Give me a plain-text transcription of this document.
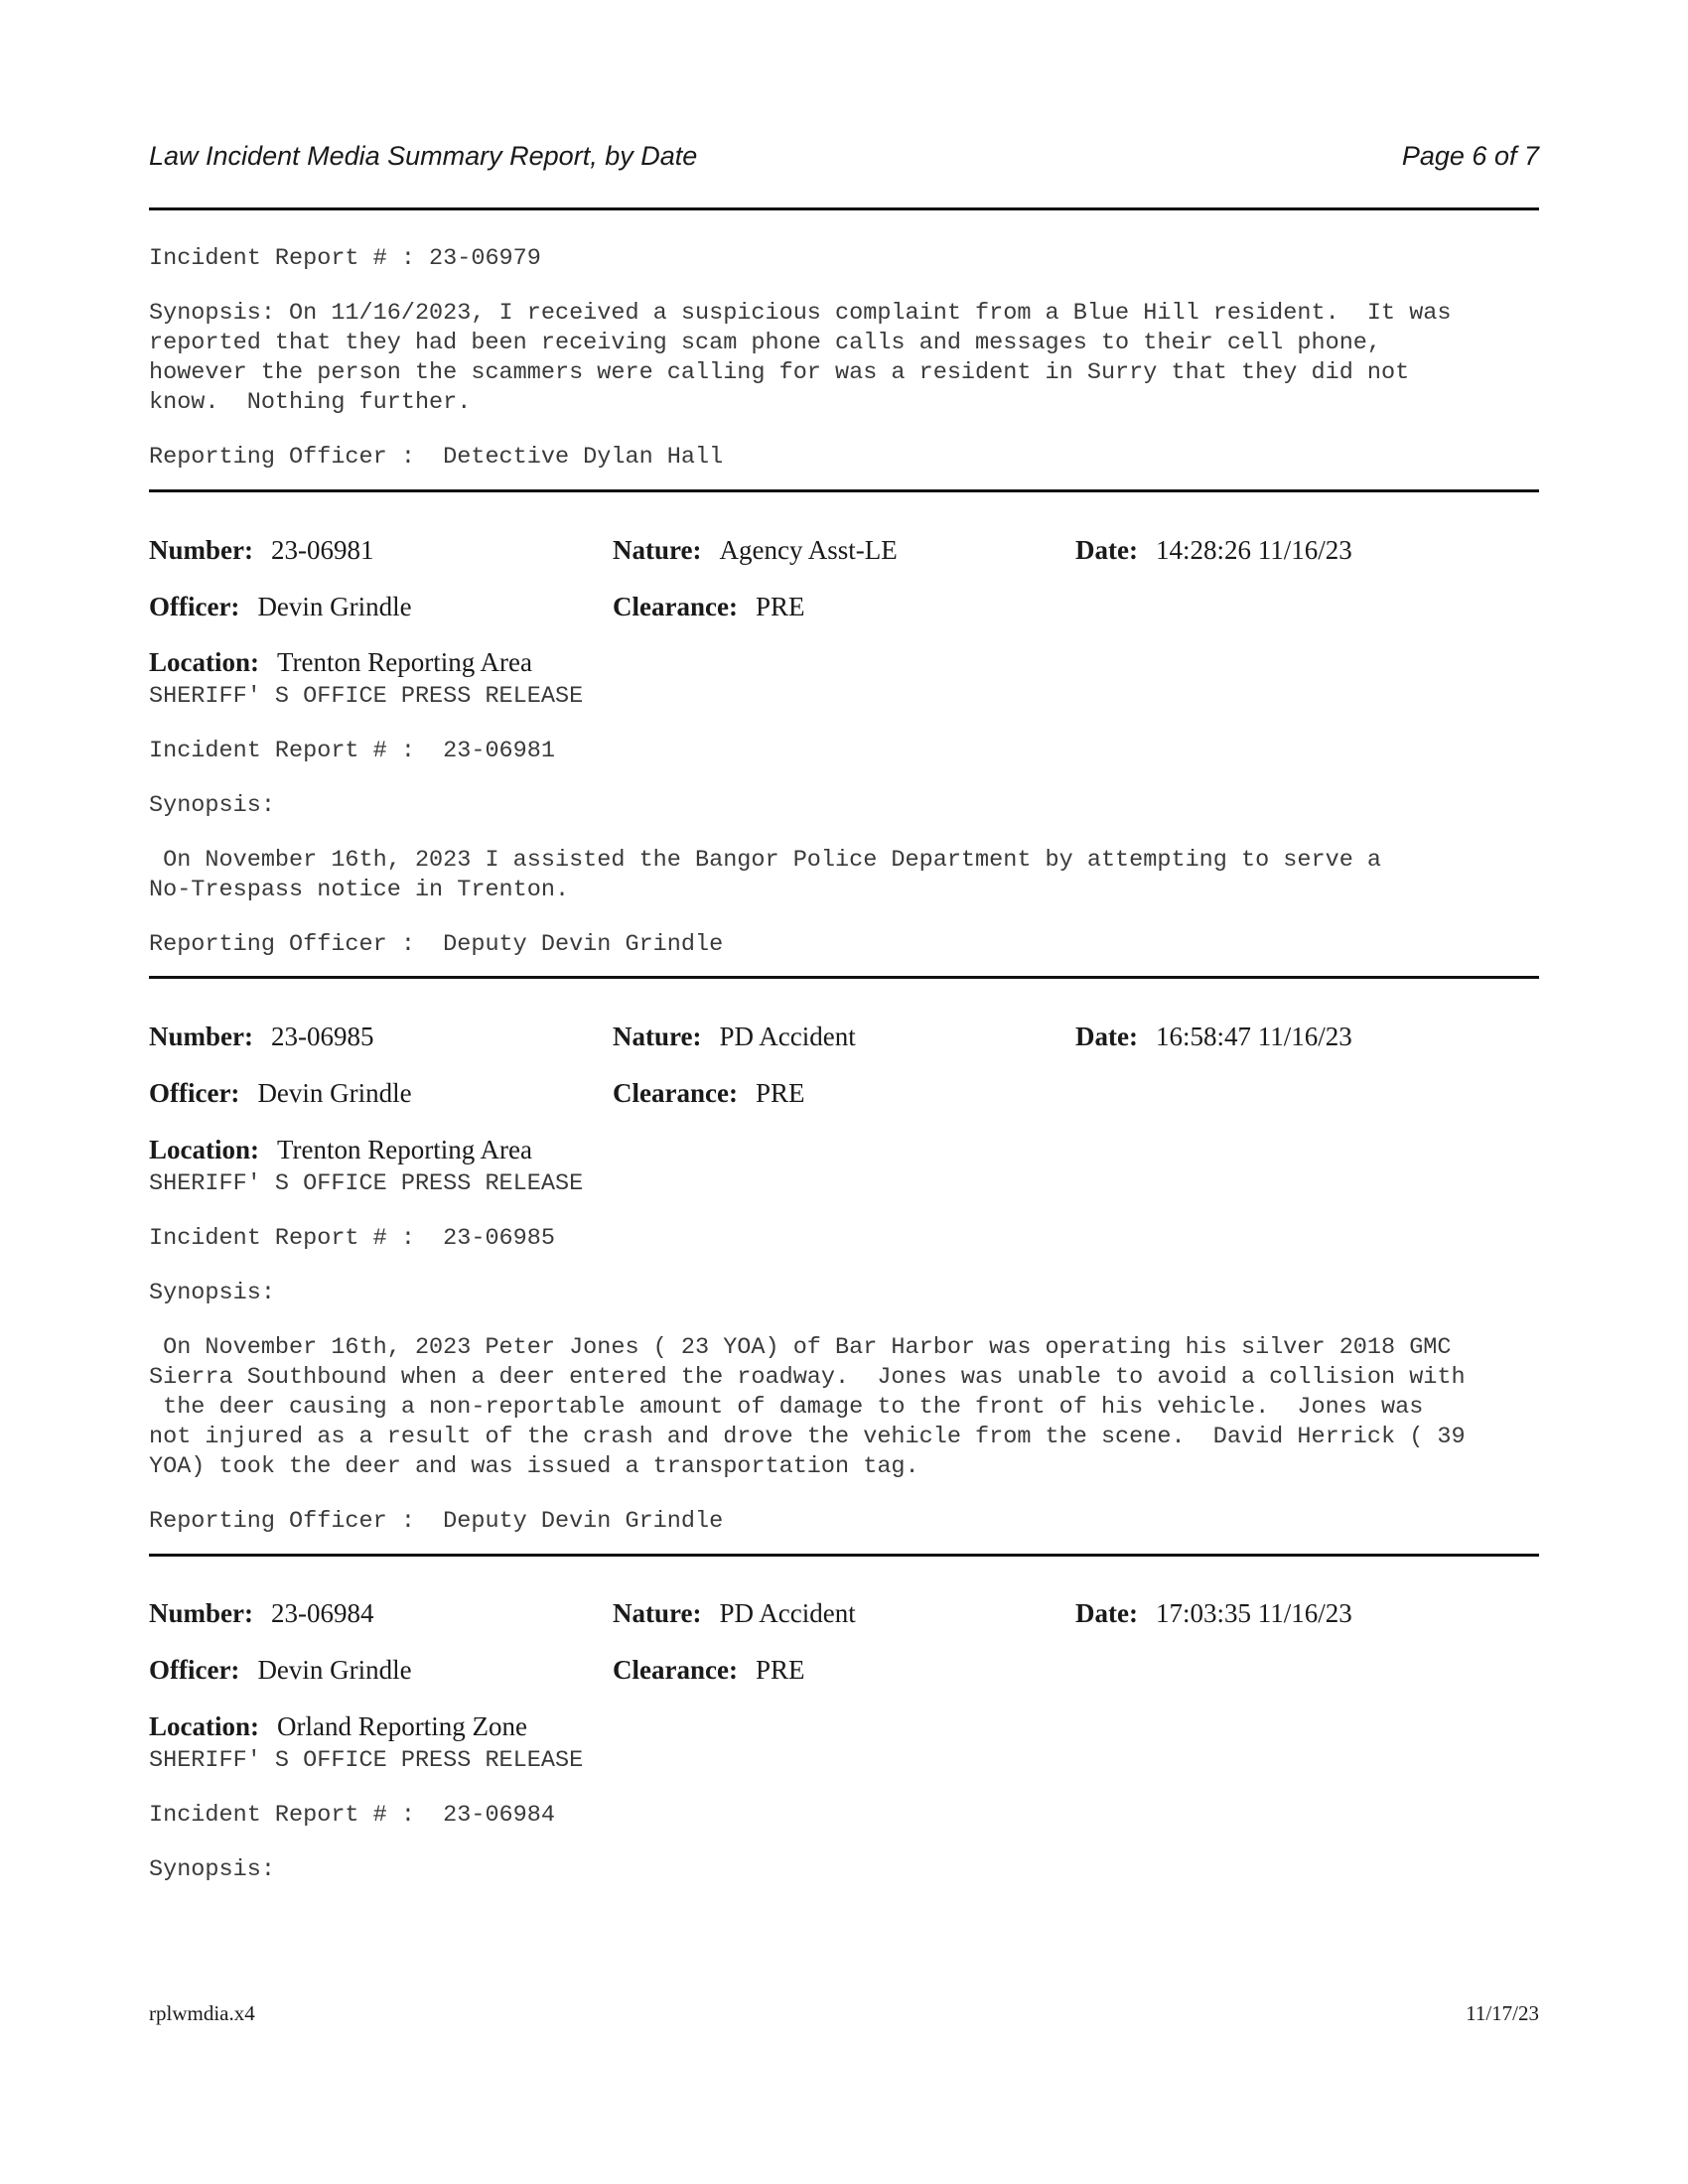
Law Incident Media Summary Report, by Date	Page 6 of 7
Incident Report # : 23-06979
Synopsis: On 11/16/2023, I received a suspicious complaint from a Blue Hill resident.  It was
reported that they had been receiving scam phone calls and messages to their cell phone,
however the person the scammers were calling for was a resident in Surry that they did not
know.  Nothing further.
Reporting Officer :  Detective Dylan Hall
Number: 23-06981	Nature: Agency Asst-LE	Date: 14:28:26 11/16/23
Officer: Devin Grindle	Clearance: PRE
Location: Trenton Reporting Area
SHERIFF' S OFFICE PRESS RELEASE
Incident Report # :  23-06981
Synopsis:
On November 16th, 2023 I assisted the Bangor Police Department by attempting to serve a
No-Trespass notice in Trenton.
Reporting Officer :  Deputy Devin Grindle
Number: 23-06985	Nature: PD Accident	Date: 16:58:47 11/16/23
Officer: Devin Grindle	Clearance: PRE
Location: Trenton Reporting Area
SHERIFF' S OFFICE PRESS RELEASE
Incident Report # :  23-06985
Synopsis:
On November 16th, 2023 Peter Jones ( 23 YOA) of Bar Harbor was operating his silver 2018 GMC
Sierra Southbound when a deer entered the roadway.  Jones was unable to avoid a collision with
the deer causing a non-reportable amount of damage to the front of his vehicle.  Jones was
not injured as a result of the crash and drove the vehicle from the scene.  David Herrick ( 39
YOA) took the deer and was issued a transportation tag.
Reporting Officer :  Deputy Devin Grindle
Number: 23-06984	Nature: PD Accident	Date: 17:03:35 11/16/23
Officer: Devin Grindle	Clearance: PRE
Location: Orland Reporting Zone
SHERIFF' S OFFICE PRESS RELEASE
Incident Report # :  23-06984
Synopsis:
rplwmdia.x4	11/17/23
